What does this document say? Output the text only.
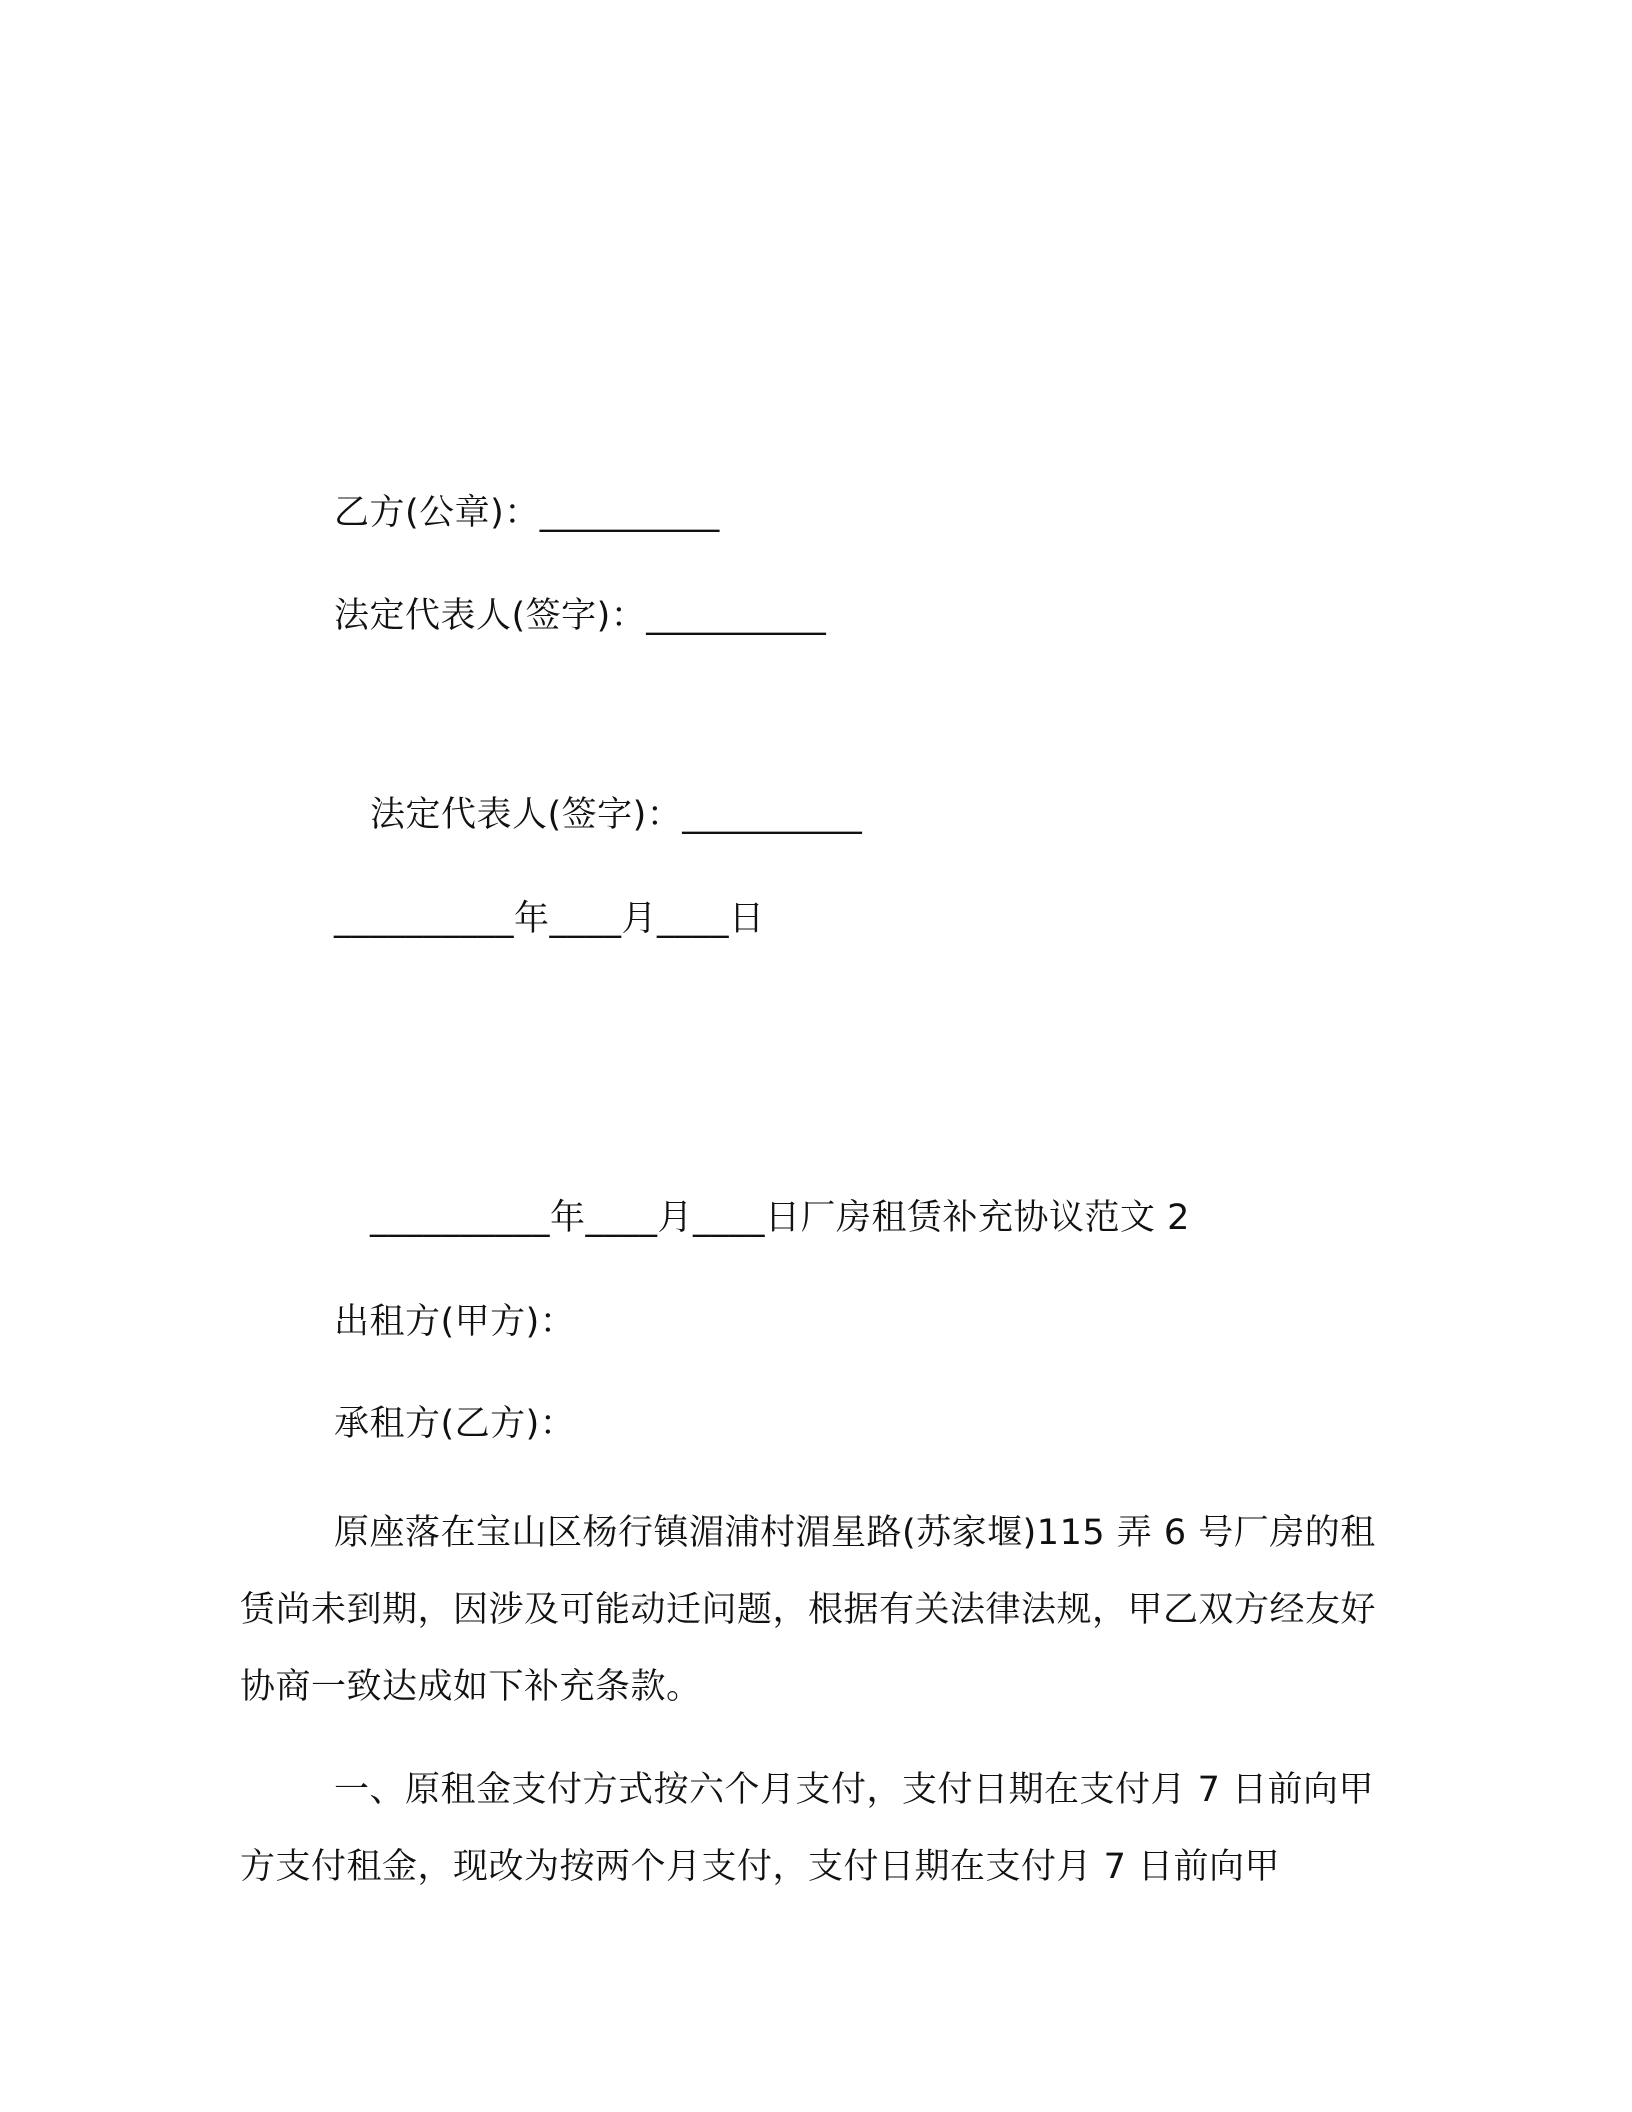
乙方(公章)：__________
法定代表人(签字)：__________
法定代表人(签字)：__________
__________年____月____日
__________年____月____日厂房租赁补充协议范文 2
出租方(甲方)：
承租方(乙方)：
原座落在宝山区杨行镇湄浦村湄星路(苏家堰)115 弄 6 号厂房的租赁尚未到期，因涉及可能动迁问题，根据有关法律法规，甲乙双方经友好协商一致达成如下补充条款。
一、原租金支付方式按六个月支付，支付日期在支付月 7 日前向甲方支付租金，现改为按两个月支付，支付日期在支付月 7 日前向甲
